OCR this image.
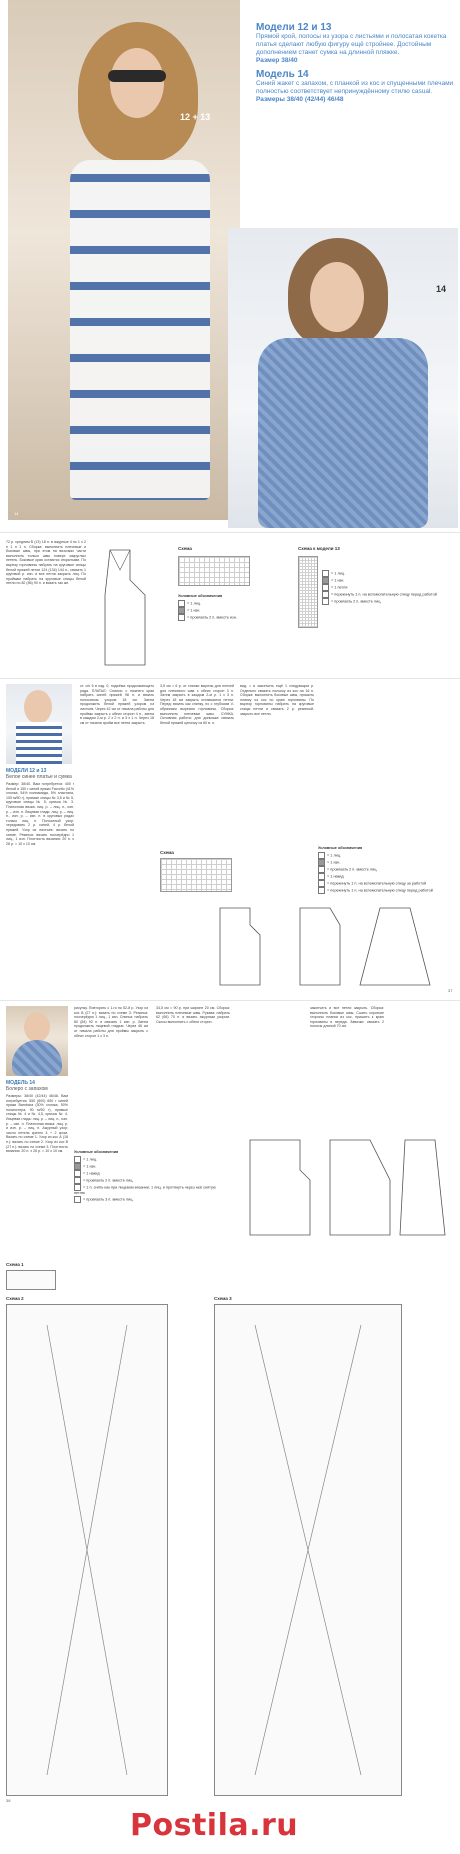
12 + 13
14
Модели 12 и 13
Прямой крой, полосы из узора с листьями и полосатая кокетка платья сделают любую фигуру ещё стройнее. Достойным дополнением станет сумка на длинной пляжке.
Размер 38/40
Модель 14
Синий жакет с запахом, с планкой из кос и спущенными плечами полностью соответствует непринуждённому стилю casual.
Размеры 38/40 (42/44) 46/48
14
72 р. средним В (13) 18 п. в ажурные 4 нс 1 х 2 п 1 п 1 п. Сборка: выполнить плечевые и боковые швы, при этом на вязочках части выполнить только швы поверх закруглых петель. Боковые края остаются открытыми. По вырезу горловины набрать на круговые спицы белой пряжей петли 124 (134) 144 п., связать 1 круговой р. изн. и все петли закрыть лиц. По проймам набрать на круговые спицы белой петли по 82 (86) 90 п. и вязать так же.
Схема
Условные обозначения
= 1 лиц.
= 1 изн.
= провязать 2 п. вместе изн.
Схема к модели 13
= 1 лиц.
= 1 изн.
= 1 петля
= перекинуть 1 п. на вспомогательную спицу перед работой
= провязать 2 п. вместе лиц.
МОДЕЛИ 12 и 13
Белое синее платье и сумка
Размер: 38/40. Вам потребуется: 400 г белой и 150 г синей пряжи Favorito (41% хлопка, 54% полиамида, 5% эластана, 105 м/50 г), прямые спицы № 3,5 и № 5, круговые спицы № 5, крючок № 3. Платочная вязка: лиц. р. – лиц. п., изн. р. – изн. п. Лицевая гладь: лиц. р. – лиц. п., изн. р. – изн. п. в круговых рядах только лиц. п. Полосатый узор: чередовать 2 р. синей, 4 р. белой пряжей. Узор из листьев: вязать по схеме. Резинка: вязать поочерёдно 1 лиц., 1 изн. Плотность вязания: 20 п. х 28 р. = 10 х 10 см.
ст. с/н 6 в изд. 0, подъёма продолжающего ряда. ПЛАТЬЕ: Спинка: с нижнего края набрать синей пряжей 98 п. и вязать полосатым узором 18 см. Затем продолжить белой пряжей узором из листьев. Через 42 см от начала работы для проймы закрыть с обеих сторон 4 п., затем в каждом 2-м р. 2 х 2 п. и 3 х 1 п. Через 18 см от начала пройм все петли закрыть.
3,5 см = 6 р. от спинки вырезы для плечей для плечевого шва с обеих сторон 3 п. Затем закрыть в каждом 2-м р. 1 х 3 п. Через 18 см закрыть оставшиеся петли. Перед: вязать как спинку, но с глубоким V-образным вырезом горловины. Сборка: выполнить плечевые швы. СУМКА. Основная работа: для донышка связать белой пряжей цепочку из 60 в. п.
вид, ≈ и закончить ещё 1 следующим р. Отдельно связать полоску из кос на 16 п. Сборка: выполнить боковые швы, пришить планку из кос по краю горловины. По вырезу горловины набрать на круговые спицы петли и связать 2 р. резинкой, закрыть все петли.
Схема
Условные обозначения
= 1 лиц.
= 1 изн.
= провязать 2 п. вместе лиц.
= 1 накид
= перекинуть 1 п. на вспомогательную спицу за работой
= перекинуть 1 п. на вспомогательную спицу перед работой
37
МОДЕЛЬ 14
Болеро с запахом
Размеры: 38/40 (42/44) 46/48. Вам потребуется: 550 (600) 650 г синей пряжи Bambara (30% хлопка, 50% полиэстера, 90 м/50 г), прямые спицы № 4 и № 4,5, крючок № 4. Лицевая гладь: лиц. р. – лиц. п., изн. р. – изн. п. Платочная вязка: лиц. р. и изн. р. – лиц. п. Ажурный узор: число петель кратно 4 + 2 кром. Вязать по схеме 1. Узор из кос А (18 п.): вязать по схеме 2. Узор из кос В (27 п.): вязать по схеме 3. Плотность вязания: 20 п. х 26 р. = 10 х 10 см.
рисунку. Повторять с 1-го по 52-й р. Узор из кос В (27 п.): вязать по схеме 3. Резинка: поочерёдно 1 лиц., 1 изн. Спинка: набрать 80 (84) 92 п. и связать 1 изн. р. Затем продолжить лицевой гладью. Через 46 см от начала работы для проймы закрыть с обеих сторон 1 х 3 п.
34,5 см = 90 р. при ширине 20 см. Сборка: выполнить плечевые швы. Рукава: набрать 62 (66) 70 п. и вязать ажурным узором. Скосы выполнить с обеих сторон.
закончить и все петли закрыть. Сборка: выполнить боковые швы. Сшить короткие стороны планки из кос, пришить к краю горловины и переда. Завязки: связать 2 полосы длиной 70 см.
Условные обозначения
= 1 лиц.
= 1 изн.
= 1 накид
= провязать 2 п. вместе лиц.
= 1 п. снять как при лицевом вязании, 1 лиц. и протянуть через неё снятую петлю
= провязать 3 п. вместе лиц.
Схема 1
Схема 2	Схема 3
38
Postila.ru
